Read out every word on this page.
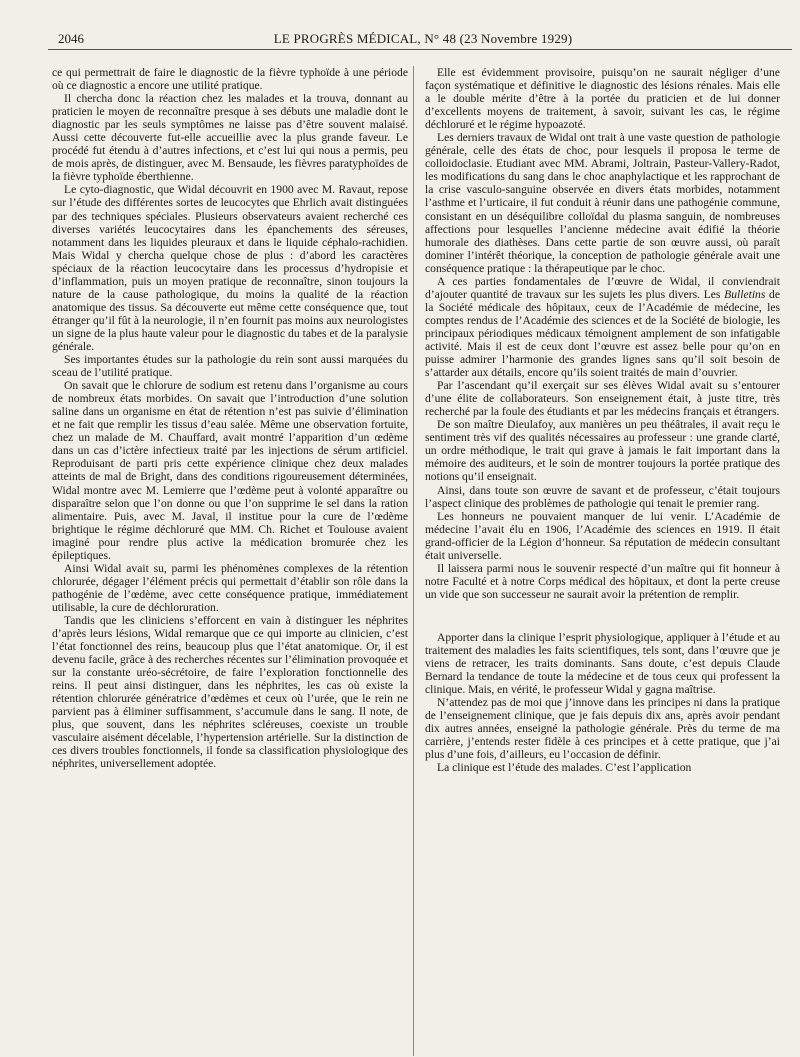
2046	LE PROGRÈS MÉDICAL, N° 48 (23 Novembre 1929)

ce qui permettrait de faire le diagnostic de la fièvre typhoïde à une période où ce diagnostic a encore une utilité pratique.

Il chercha donc la réaction chez les malades et la trouva, donnant au praticien le moyen de reconnaître presque à ses débuts une maladie dont le diagnostic par les seuls symptômes ne laisse pas d’être souvent malaisé. Aussi cette découverte fut-elle accueillie avec la plus grande faveur. Le procédé fut étendu à d’autres infections, et c’est lui qui nous a permis, peu de mois après, de distinguer, avec M. Bensaude, les fièvres paratyphoïdes de la fièvre typhoïde éberthienne.

Le cyto-diagnostic, que Widal découvrit en 1900 avec M. Ravaut, repose sur l’étude des différentes sortes de leucocytes que Ehrlich avait distinguées par des techniques spéciales. Plusieurs observateurs avaient recherché ces diverses variétés leucocytaires dans les épanchements des séreuses, notamment dans les liquides pleuraux et dans le liquide céphalo-rachidien. Mais Widal y chercha quelque chose de plus : d’abord les caractères spéciaux de la réaction leucocytaire dans les processus d’hydropisie et d’inflammation, puis un moyen pratique de reconnaître, sinon toujours la nature de la cause pathologique, du moins la qualité de la réaction anatomique des tissus. Sa découverte eut même cette conséquence que, tout étranger qu’il fût à la neurologie, il n’en fournit pas moins aux neurologistes un signe de la plus haute valeur pour le diagnostic du tabes et de la paralysie générale.

Ses importantes études sur la pathologie du rein sont aussi marquées du sceau de l’utilité pratique.

On savait que le chlorure de sodium est retenu dans l’organisme au cours de nombreux états morbides. On savait que l’introduction d’une solution saline dans un organisme en état de rétention n’est pas suivie d’élimination et ne fait que remplir les tissus d’eau salée. Même une observation fortuite, chez un malade de M. Chauffard, avait montré l’apparition d’un œdème dans un cas d’ictère infectieux traité par les injections de sérum artificiel. Reproduisant de parti pris cette expérience clinique chez deux malades atteints de mal de Bright, dans des conditions rigoureusement déterminées, Widal montre avec M. Lemierre que l’œdème peut à volonté apparaître ou disparaître selon que l’on donne ou que l’on supprime le sel dans la ration alimentaire. Puis, avec M. Javal, il institue pour la cure de l’œdème brightique le régime déchloruré que MM. Ch. Richet et Toulouse avaient imaginé pour rendre plus active la médication bromurée chez les épileptiques.

Ainsi Widal avait su, parmi les phénomènes complexes de la rétention chlorurée, dégager l’élément précis qui permettait d’établir son rôle dans la pathogénie de l’œdème, avec cette conséquence pratique, immédiatement utilisable, la cure de déchloruration.

Tandis que les cliniciens s’efforcent en vain à distinguer les néphrites d’après leurs lésions, Widal remarque que ce qui importe au clinicien, c’est l’état fonctionnel des reins, beaucoup plus que l’état anatomique. Or, il est devenu facile, grâce à des recherches récentes sur l’élimination provoquée et sur la constante uréo-sécrétoire, de faire l’exploration fonctionnelle des reins. Il peut ainsi distinguer, dans les néphrites, les cas où existe la rétention chlorurée génératrice d’œdèmes et ceux où l’urée, que le rein ne parvient pas à éliminer suffisamment, s’accumule dans le sang. Il note, de plus, que souvent, dans les néphrites scléreuses, coexiste un trouble vasculaire aisément décelable, l’hypertension artérielle. Sur la distinction de ces divers troubles fonctionnels, il fonde sa classification physiologique des néphrites, universellement adoptée.

Elle est évidemment provisoire, puisqu’on ne saurait négliger d’une façon systématique et définitive le diagnostic des lésions rénales. Mais elle a le double mérite d’être à la portée du praticien et de lui donner d’excellents moyens de traitement, à savoir, suivant les cas, le régime déchloruré et le régime hypoazoté.

Les derniers travaux de Widal ont trait à une vaste question de pathologie générale, celle des états de choc, pour lesquels il proposa le terme de colloidoclasie. Etudiant avec MM. Abrami, Joltrain, Pasteur-Vallery-Radot, les modifications du sang dans le choc anaphylactique et les rapprochant de la crise vasculo-sanguine observée en divers états morbides, notamment l’asthme et l’urticaire, il fut conduit à réunir dans une pathogénie commune, consistant en un déséquilibre colloïdal du plasma sanguin, de nombreuses affections pour lesquelles l’ancienne médecine avait édifié la théorie humorale des diathèses. Dans cette partie de son œuvre aussi, où paraît dominer l’intérêt théorique, la conception de pathologie générale avait une conséquence pratique : la thérapeutique par le choc.

A ces parties fondamentales de l’œuvre de Widal, il conviendrait d’ajouter quantité de travaux sur les sujets les plus divers. Les Bulletins de la Société médicale des hôpitaux, ceux de l’Académie de médecine, les comptes rendus de l’Académie des sciences et de la Société de biologie, les principaux périodiques médicaux témoignent amplement de son infatigable activité. Mais il est de ceux dont l’œuvre est assez belle pour qu’on en puisse admirer l’harmonie des grandes lignes sans qu’il soit besoin de s’attarder aux détails, encore qu’ils soient traités de main d’ouvrier.

Par l’ascendant qu’il exerçait sur ses élèves Widal avait su s’entourer d’une élite de collaborateurs. Son enseignement était, à juste titre, très recherché par la foule des étudiants et par les médecins français et étrangers.

De son maître Dieulafoy, aux manières un peu théâtrales, il avait reçu le sentiment très vif des qualités nécessaires au professeur : une grande clarté, un ordre méthodique, le trait qui grave à jamais le fait important dans la mémoire des auditeurs, et le soin de montrer toujours la portée pratique des notions qu’il enseignait.

Ainsi, dans toute son œuvre de savant et de professeur, c’était toujours l’aspect clinique des problèmes de pathologie qui tenait le premier rang.

Les honneurs ne pouvaient manquer de lui venir. L’Académie de médecine l’avait élu en 1906, l’Académie des sciences en 1919. Il était grand-officier de la Légion d’honneur. Sa réputation de médecin consultant était universelle.

Il laissera parmi nous le souvenir respecté d’un maître qui fit honneur à notre Faculté et à notre Corps médical des hôpitaux, et dont la perte creuse un vide que son successeur ne saurait avoir la prétention de remplir.

Apporter dans la clinique l’esprit physiologique, appliquer à l’étude et au traitement des maladies les faits scientifiques, tels sont, dans l’œuvre que je viens de retracer, les traits dominants. Sans doute, c’est depuis Claude Bernard la tendance de toute la médecine et de tous ceux qui professent la clinique. Mais, en vérité, le professeur Widal y gagna maîtrise.

N’attendez pas de moi que j’innove dans les principes ni dans la pratique de l’enseignement clinique, que je fais depuis dix ans, après avoir pendant dix autres années, enseigné la pathologie générale. Près du terme de ma carrière, j’entends rester fidèle à ces principes et à cette pratique, que j’ai plus d’une fois, d’ailleurs, eu l’occasion de définir.

La clinique est l’étude des malades. C’est l’application
